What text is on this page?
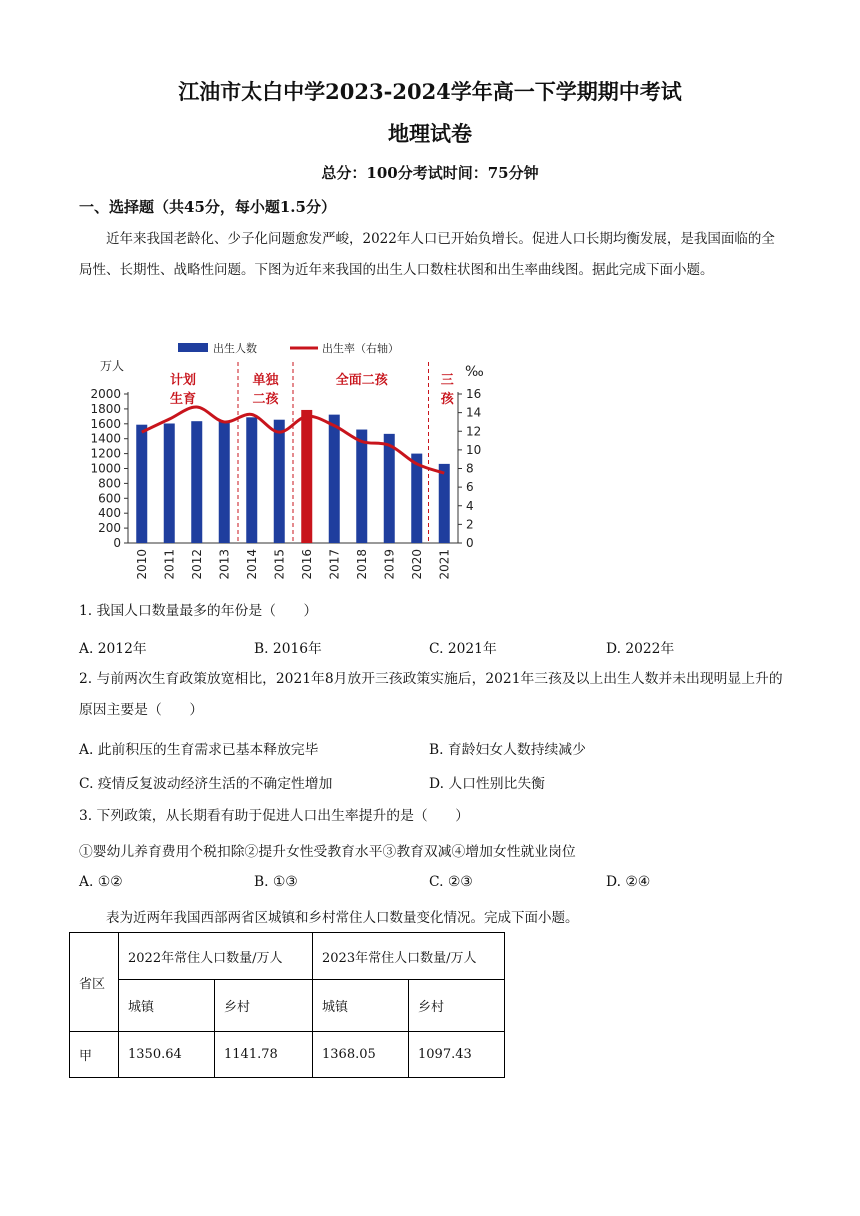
江油市太白中学2023-2024学年高一下学期期中考试
地理试卷
总分：100分考试时间：75分钟
一、选择题（共45分，每小题1.5分）
近年来我国老龄化、少子化问题愈发严峻，2022年人口已开始负增长。促进人口长期均衡发展，是我国面临的全局性、长期性、战略性问题。下图为近年来我国的出生人口数柱状图和出生率曲线图。据此完成下面小题。
出生人数	出生率（右轴）
万人	‰
0
200
400
600
800
1000
1200
1400
1600
1800
2000
0
2
4
6
8
10
12
14
16
2010 2011 2012 2013 2014 2015 2016 2017 2018 2019 2020 2021
计划
生育
单独
二孩
全面二孩	三
孩
1. 我国人口数量最多的年份是（　　）
A. 2012年	B. 2016年	C. 2021年	D. 2022年
2. 与前两次生育政策放宽相比，2021年8月放开三孩政策实施后，2021年三孩及以上出生人数并未出现明显上升的原因主要是（　　）
A. 此前积压的生育需求已基本释放完毕	B. 育龄妇女人数持续减少
C. 疫情反复波动经济生活的不确定性增加	D. 人口性别比失衡
3. 下列政策，从长期看有助于促进人口出生率提升的是（　　）
①婴幼儿养育费用个税扣除②提升女性受教育水平③教育双减④增加女性就业岗位
A. ①②	B. ①③	C. ②③	D. ②④
表为近两年我国西部两省区城镇和乡村常住人口数量变化情况。完成下面小题。
省区	2022年常住人口数量/万人		2023年常住人口数量/万人	
	城镇	乡村	城镇	乡村
甲	1350.64	1141.78	1368.05	1097.43
